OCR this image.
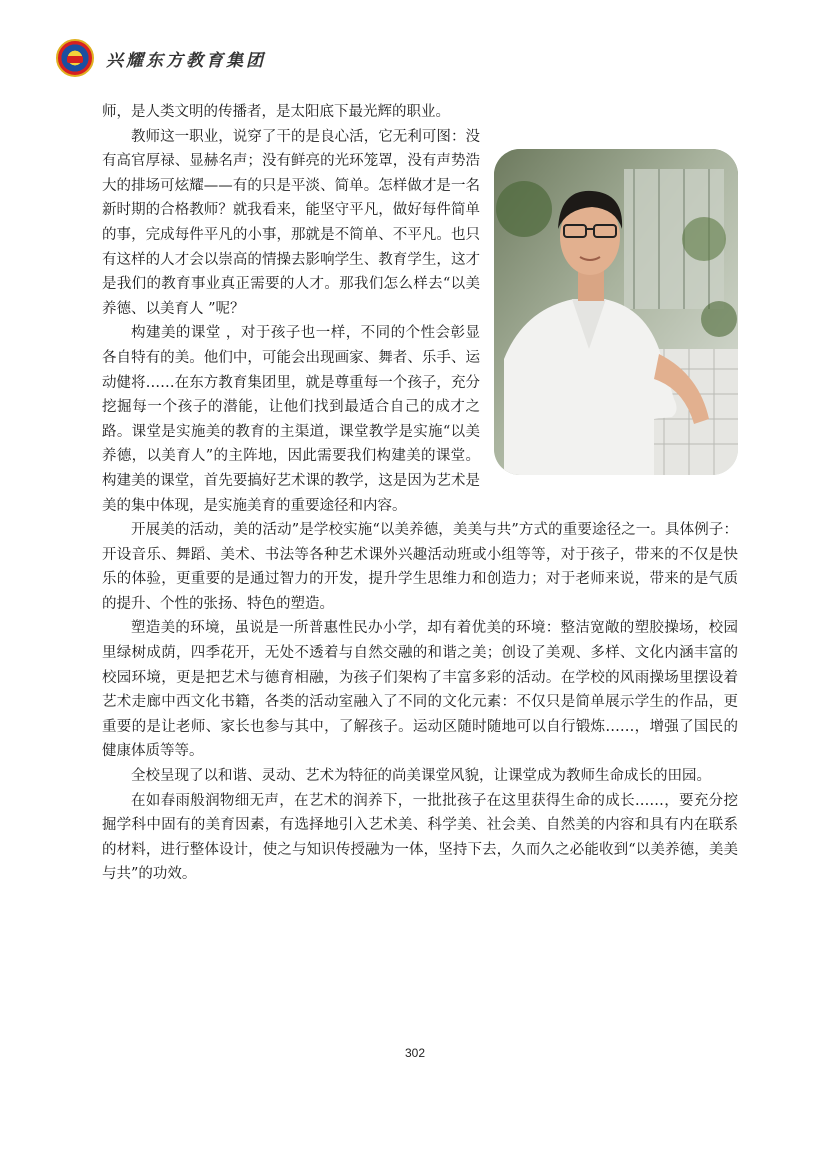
兴耀东方教育集团

师，是人类文明的传播者，是太阳底下最光辉的职业。

教师这一职业，说穿了干的是良心活，它无利可图：没有高官厚禄、显赫名声；没有鲜亮的光环笼罩，没有声势浩大的排场可炫耀——有的只是平淡、简单。怎样做才是一名新时期的合格教师？就我看来，能坚守平凡，做好每件简单的事，完成每件平凡的小事，那就是不简单、不平凡。也只有这样的人才会以崇高的情操去影响学生、教育学生，这才是我们的教育事业真正需要的人才。那我们怎么样去“以美养德、以美育人 ”呢？

构建美的课堂 ，对于孩子也一样，不同的个性会彰显各自特有的美。他们中，可能会出现画家、舞者、乐手、运动健将……在东方教育集团里，就是尊重每一个孩子，充分挖掘每一个孩子的潜能，让他们找到最适合自己的成才之路。课堂是实施美的教育的主渠道，课堂教学是实施“以美养德，以美育人”的主阵地，因此需要我们构建美的课堂。构建美的课堂，首先要搞好艺术课的教学，这是因为艺术是美的集中体现，是实施美育的重要途径和内容。

开展美的活动，美的活动”是学校实施“以美养德，美美与共”方式的重要途径之一。具体例子：开设音乐、舞蹈、美术、书法等各种艺术课外兴趣活动班或小组等等，对于孩子，带来的不仅是快乐的体验，更重要的是通过智力的开发，提升学生思维力和创造力；对于老师来说，带来的是气质的提升、个性的张扬、特色的塑造。

塑造美的环境，虽说是一所普惠性民办小学，却有着优美的环境：整洁宽敞的塑胶操场，校园里绿树成荫，四季花开，无处不透着与自然交融的和谐之美；创设了美观、多样、文化内涵丰富的校园环境，更是把艺术与德育相融，为孩子们架构了丰富多彩的活动。在学校的风雨操场里摆设着艺术走廊中西文化书籍，各类的活动室融入了不同的文化元素：不仅只是简单展示学生的作品，更重要的是让老师、家长也参与其中，了解孩子。运动区随时随地可以自行锻炼……，增强了国民的健康体质等等。

全校呈现了以和谐、灵动、艺术为特征的尚美课堂风貌，让课堂成为教师生命成长的田园。

在如春雨般润物细无声，在艺术的润养下，一批批孩子在这里获得生命的成长……，要充分挖掘学科中固有的美育因素，有选择地引入艺术美、科学美、社会美、自然美的内容和具有内在联系的材料，进行整体设计，使之与知识传授融为一体，坚持下去，久而久之必能收到“以美养德，美美与共”的功效。

302
